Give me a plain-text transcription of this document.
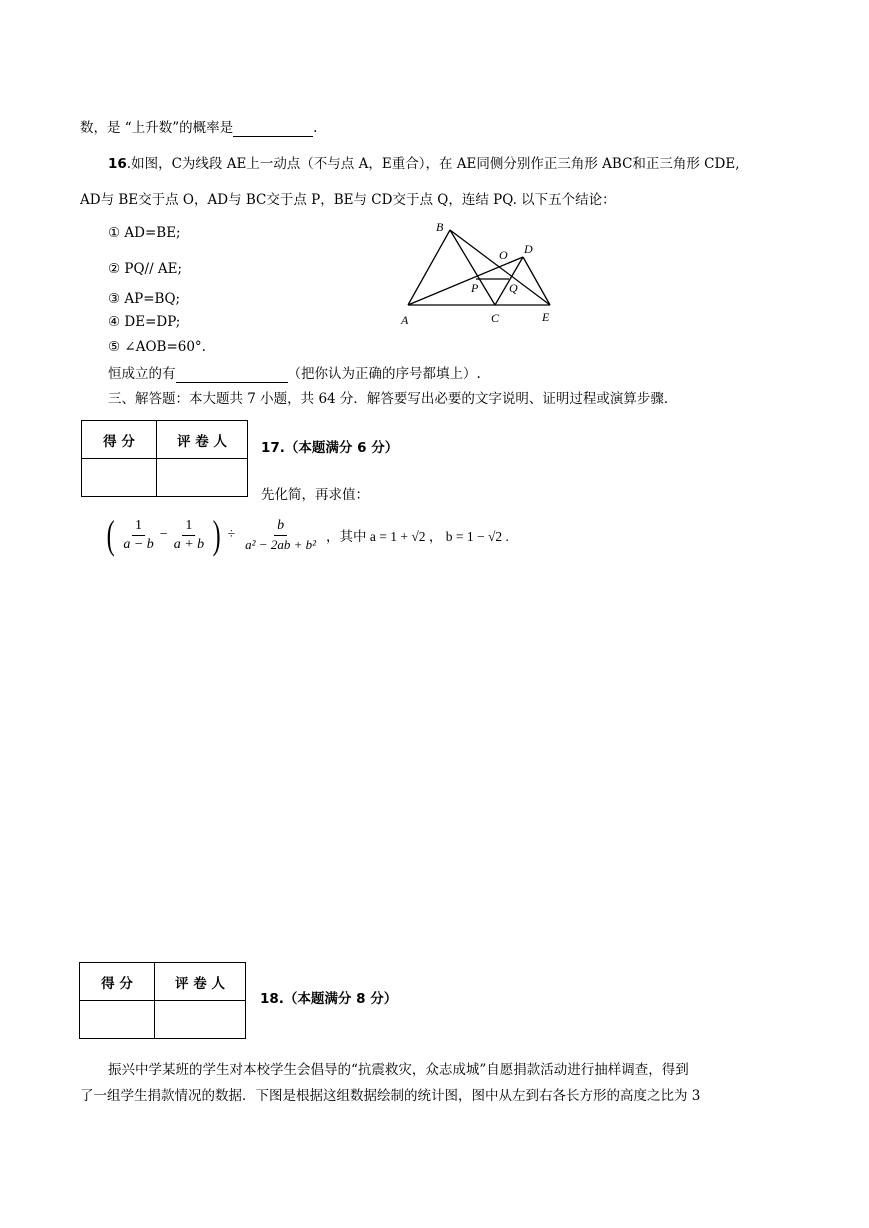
数，是 “上升数”的概率是	.
16.如图，C为线段 AE上一动点（不与点 A，E重合），在 AE同侧分别作正三角形 ABC和正三角形 CDE,
AD与 BE交于点 O，AD与 BC交于点 P，BE与 CD交于点 Q，连结 PQ. 以下五个结论：
① AD=BE;
② PQ// AE;
③ AP=BQ;
④ DE=DP;
⑤ ∠AOB=60°.
恒成立的有	（把你认为正确的序号都填上）.
B
D
O
P	Q
A	C	E
三、解答题：本大题共 7 小题，共 64 分．解答要写出必要的文字说明、证明过程或演算步骤．
得 分	评 卷 人
		17.（本题满分 6 分）
先化简，再求值：
( $\frac{1}{a - b} - \frac{1}{a + b}$ ) ÷ $\frac{b}{\text{a² − 2ab + b²}}$ ，其中 a = 1 + √2 ， b = 1 − √2 .
得 分	评 卷 人

18.（本题满分 8 分）
振兴中学某班的学生对本校学生会倡导的“抗震救灾，众志成城”自愿捐款活动进行抽样调查，得到
了一组学生捐款情况的数据．下图是根据这组数据绘制的统计图，图中从左到右各长方形的高度之比为 3
